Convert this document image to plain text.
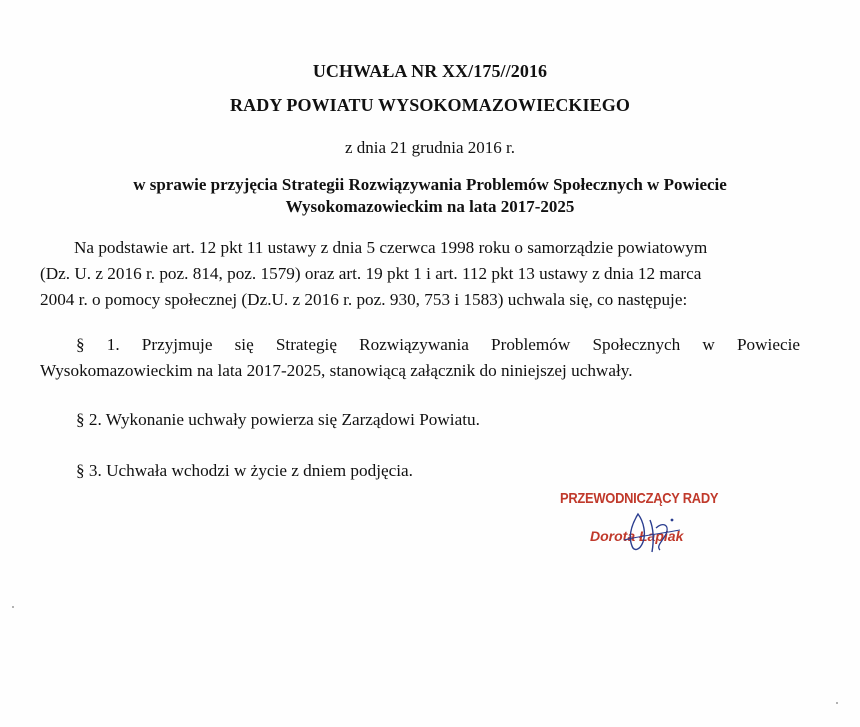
UCHWAŁA NR XX/175//2016
RADY POWIATU WYSOKOMAZOWIECKIEGO
z dnia 21 grudnia 2016 r.
w sprawie przyjęcia Strategii Rozwiązywania Problemów Społecznych w Powiecie
Wysokomazowieckim na lata 2017-2025
Na podstawie art. 12 pkt 11 ustawy z dnia 5 czerwca 1998 roku o samorządzie powiatowym
(Dz. U. z 2016 r. poz. 814, poz. 1579) oraz art. 19 pkt 1 i art. 112 pkt 13 ustawy z dnia 12 marca
2004 r. o pomocy społecznej (Dz.U. z 2016 r. poz. 930, 753 i 1583) uchwala się, co następuje:
§ 1. Przyjmuje się Strategię Rozwiązywania Problemów Społecznych w Powiecie
Wysokomazowieckim na lata 2017-2025, stanowiącą załącznik do niniejszej uchwały.
§ 2. Wykonanie uchwały powierza się Zarządowi Powiatu.
§ 3. Uchwała wchodzi w życie z dniem podjęcia.
PRZEWODNICZĄCY RADY
Dorota Łapiak
